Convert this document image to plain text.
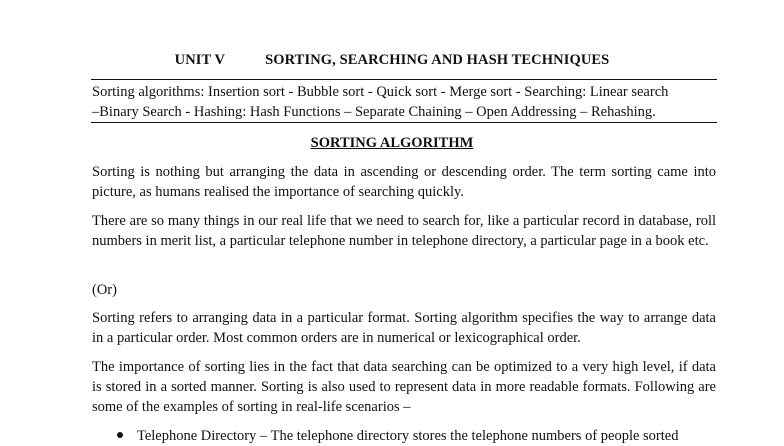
UNIT V	SORTING, SEARCHING AND HASH TECHNIQUES
Sorting algorithms: Insertion sort - Bubble sort - Quick sort - Merge sort - Searching: Linear search
–Binary Search - Hashing: Hash Functions – Separate Chaining – Open Addressing – Rehashing.
SORTING ALGORITHM

Sorting is nothing but arranging the data in ascending or descending order. The term sorting came into picture, as humans realised the importance of searching quickly.

There are so many things in our real life that we need to search for, like a particular record in database, roll numbers in merit list, a particular telephone number in telephone directory, a particular page in a book etc.

(Or)

Sorting refers to arranging data in a particular format. Sorting algorithm specifies the way to arrange data in a particular order. Most common orders are in numerical or lexicographical order.

The importance of sorting lies in the fact that data searching can be optimized to a very high level, if data is stored in a sorted manner. Sorting is also used to represent data in more readable formats. Following are some of the examples of sorting in real-life scenarios –

Telephone Directory – The telephone directory stores the telephone numbers of people sorted
